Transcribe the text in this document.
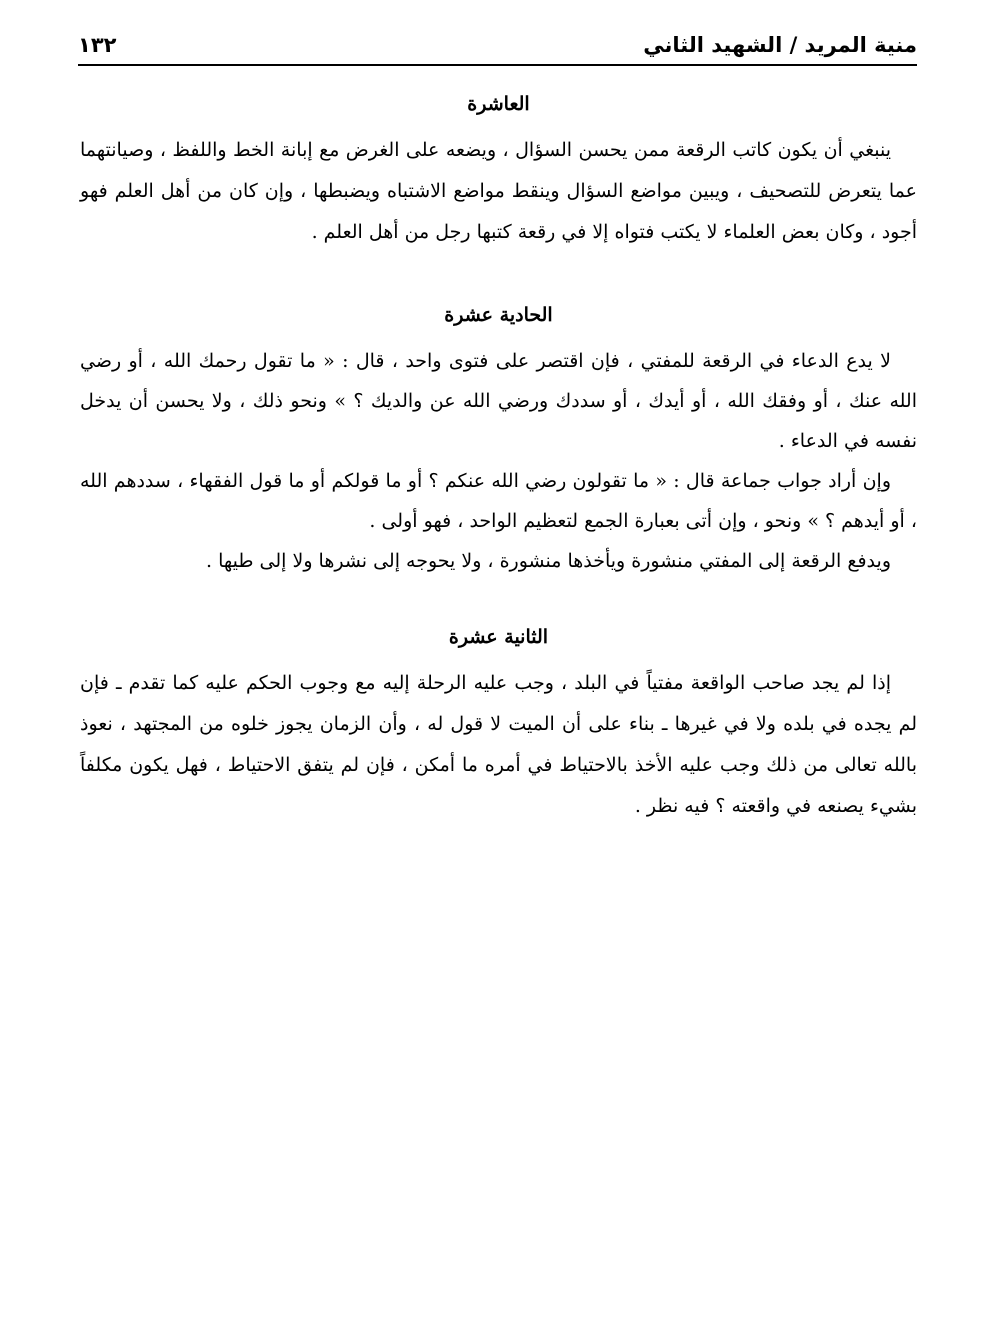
منية المريد / الشهيد الثاني
١٣٢
العاشرة

ينبغي أن يكون كاتب الرقعة ممن يحسن السؤال ، ويضعه على الغرض مع إبانة الخط واللفظ ، وصيانتهما عما يتعرض للتصحيف ، ويبين مواضع السؤال وينقط مواضع الاشتباه ويضبطها ، وإن كان من أهل العلم فهو أجود ، وكان بعض العلماء لا يكتب فتواه إلا في رقعة كتبها رجل من أهل العلم .

الحادية عشرة

لا يدع الدعاء في الرقعة للمفتي ، فإن اقتصر على فتوى واحد ، قال : « ما تقول رحمك الله ، أو رضي الله عنك ، أو وفقك الله ، أو أيدك ، أو سددك ورضي الله عن والديك ؟ » ونحو ذلك ، ولا يحسن أن يدخل نفسه في الدعاء .

وإن أراد جواب جماعة قال : « ما تقولون رضي الله عنكم ؟ أو ما قولكم أو ما قول الفقهاء ، سددهم الله ، أو أيدهم ؟ » ونحو ، وإن أتى بعبارة الجمع لتعظيم الواحد ، فهو أولى .

ويدفع الرقعة إلى المفتي منشورة ويأخذها منشورة ، ولا يحوجه إلى نشرها ولا إلى طيها .

الثانية عشرة

إذا لم يجد صاحب الواقعة مفتياً في البلد ، وجب عليه الرحلة إليه مع وجوب الحكم عليه كما تقدم ـ فإن لم يجده في بلده ولا في غيرها ـ بناء على أن الميت لا قول له ، وأن الزمان يجوز خلوه من المجتهد ، نعوذ بالله تعالى من ذلك وجب عليه الأخذ بالاحتياط في أمره ما أمكن ، فإن لم يتفق الاحتياط ، فهل يكون مكلفاً بشيء يصنعه في واقعته ؟ فيه نظر .
